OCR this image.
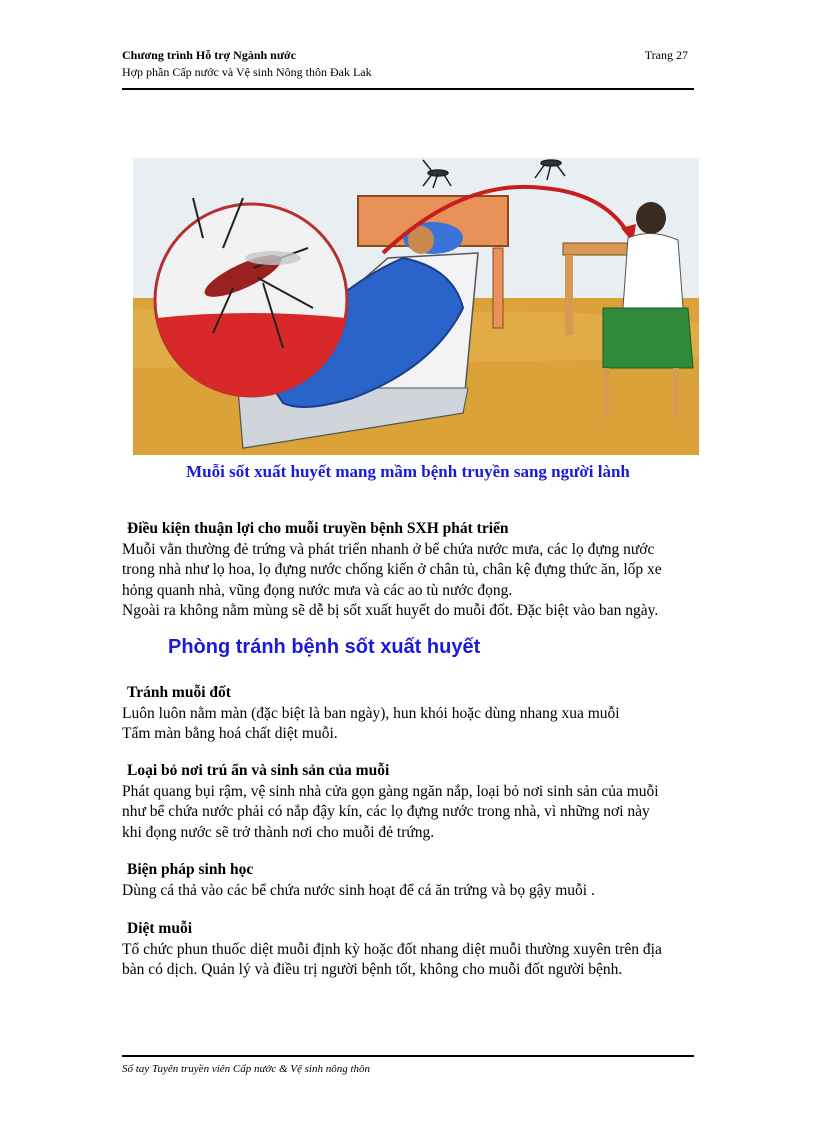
Chương trình Hỗ trợ Ngành nước
Hợp phần Cấp nước và Vệ sinh Nông thôn Đak Lak
Trang 27
Muỗi sốt xuất huyết mang mầm bệnh truyền sang người lành
Điều kiện thuận lợi cho muỗi truyền bệnh SXH phát triển

Muỗi vằn thường đẻ trứng và phát triển nhanh ở bể chứa nước mưa, các lọ đựng nước

trong nhà như lọ hoa, lọ đựng nước chống kiến ở chân tủ, chân kệ đựng thức ăn, lốp xe

hỏng quanh nhà, vũng đọng nước mưa và các ao tù nước đọng.

Ngoài ra không nằm mùng sẽ dễ bị sốt xuất huyết do muỗi đốt. Đặc biệt vào ban ngày.

Phòng tránh bệnh sốt xuất huyết
Tránh muỗi đốt

Luôn luôn nằm màn (đặc biệt là ban ngày), hun khói hoặc dùng nhang xua muỗi

Tẩm màn bằng hoá chất diệt muỗi.

Loại bỏ nơi trú ẩn và sinh sản của muỗi

Phát quang bụi rậm, vệ sinh nhà cửa gọn gàng ngăn nắp, loại bỏ nơi sinh sản của muỗi

như bể chứa nước phải có nắp đậy kín, các lọ đựng nước trong nhà, vì những nơi này

khi đọng nước sẽ trở thành nơi cho muỗi đẻ trứng.

Biện pháp sinh học

Dùng cá thả vào các bể chứa nước sinh hoạt để cá ăn trứng và bọ gậy muỗi .

Diệt muỗi

Tổ chức phun thuốc diệt muỗi định kỳ hoặc đốt nhang diệt muỗi thường xuyên trên địa

bàn có dịch. Quản lý và điều trị người bệnh tốt, không cho muỗi đốt người bệnh.

Sổ tay Tuyên truyền viên Cấp nước & Vệ sinh nông thôn
